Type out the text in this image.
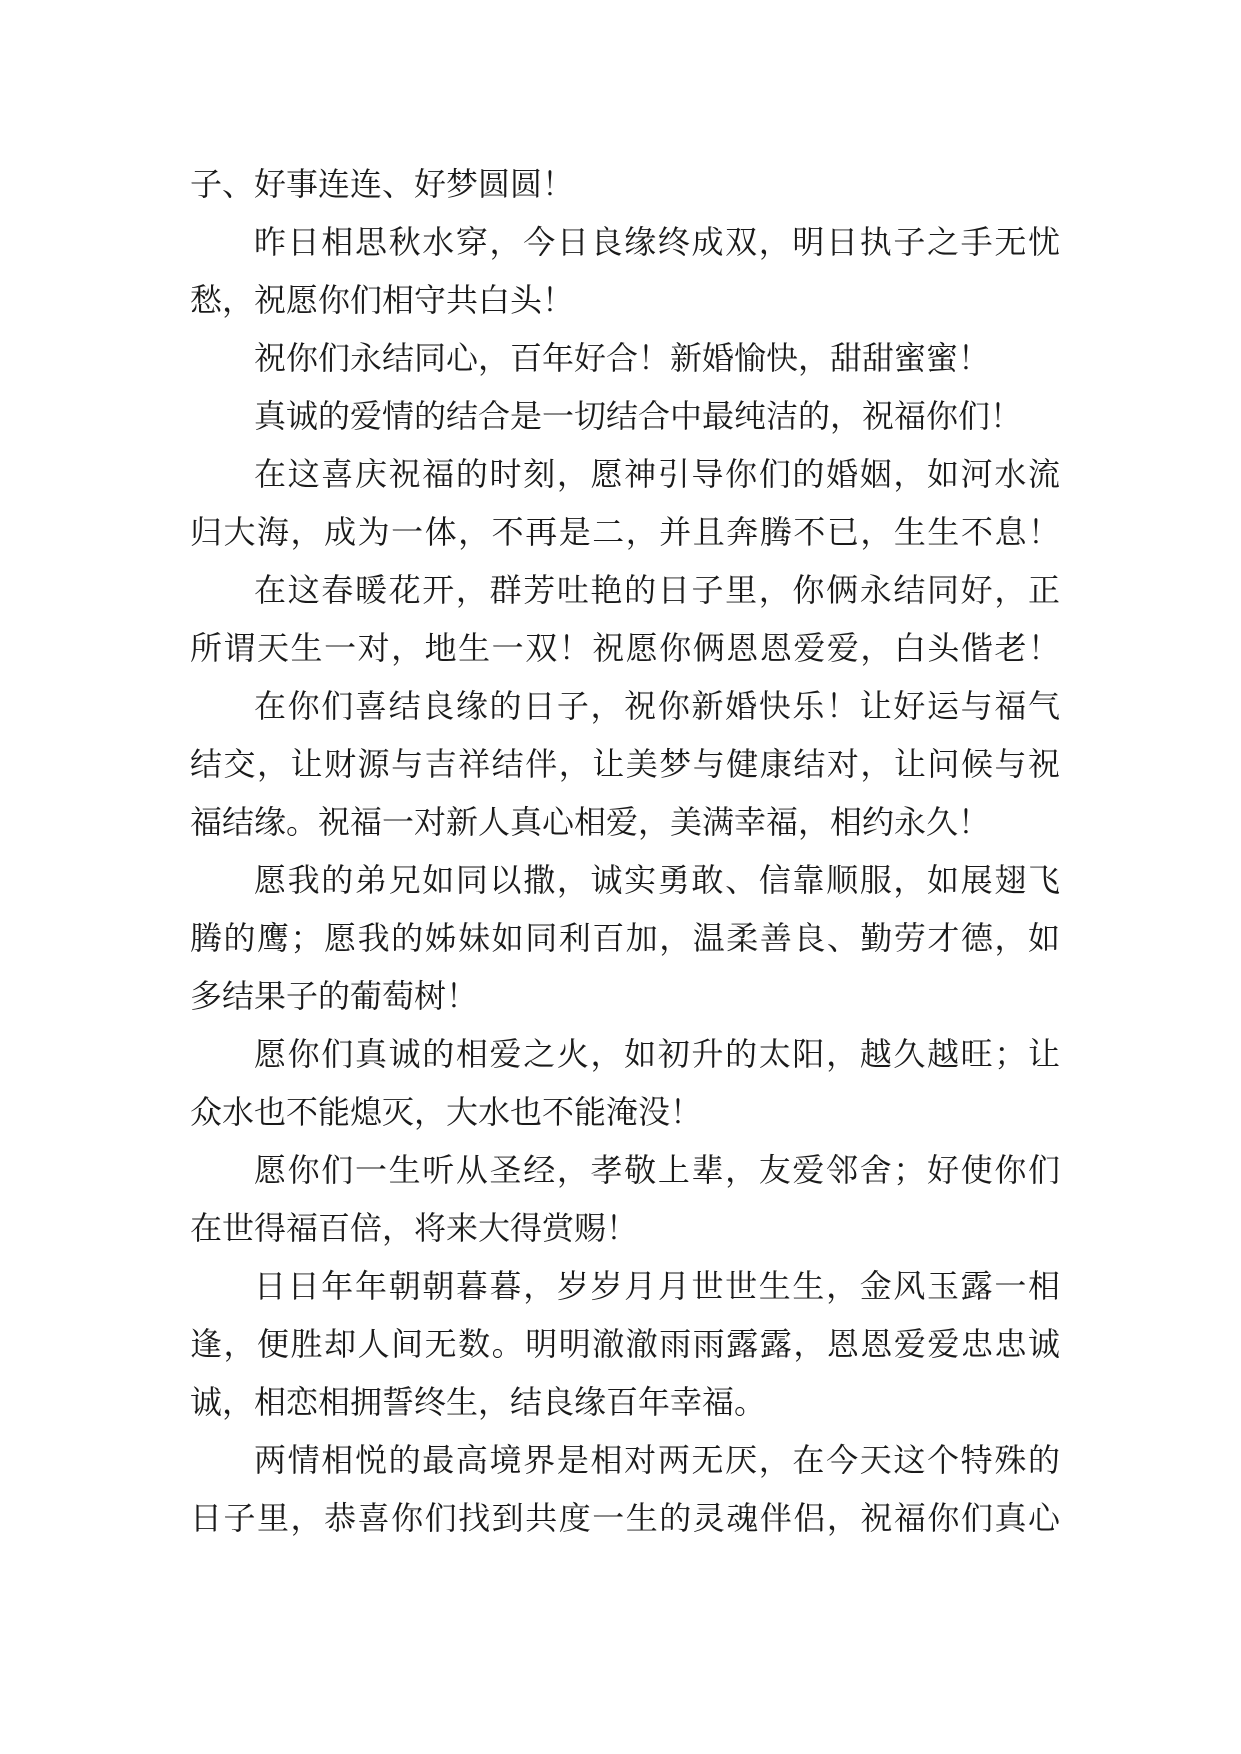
子、好事连连、好梦圆圆！

昨日相思秋水穿，今日良缘终成双，明日执子之手无忧

愁，祝愿你们相守共白头！

祝你们永结同心，百年好合！新婚愉快，甜甜蜜蜜！

真诚的爱情的结合是一切结合中最纯洁的，祝福你们！

在这喜庆祝福的时刻，愿神引导你们的婚姻，如河水流

归大海，成为一体，不再是二，并且奔腾不已，生生不息！

在这春暖花开，群芳吐艳的日子里，你俩永结同好，正

所谓天生一对，地生一双！祝愿你俩恩恩爱爱，白头偕老！

在你们喜结良缘的日子，祝你新婚快乐！让好运与福气

结交，让财源与吉祥结伴，让美梦与健康结对，让问候与祝

福结缘。祝福一对新人真心相爱，美满幸福，相约永久！

愿我的弟兄如同以撒，诚实勇敢、信靠顺服，如展翅飞

腾的鹰；愿我的姊妹如同利百加，温柔善良、勤劳才德，如

多结果子的葡萄树！

愿你们真诚的相爱之火，如初升的太阳，越久越旺；让

众水也不能熄灭，大水也不能淹没！

愿你们一生听从圣经，孝敬上辈，友爱邻舍；好使你们

在世得福百倍，将来大得赏赐！

日日年年朝朝暮暮，岁岁月月世世生生，金风玉露一相

逢，便胜却人间无数。明明澈澈雨雨露露，恩恩爱爱忠忠诚

诚，相恋相拥誓终生，结良缘百年幸福。

两情相悦的最高境界是相对两无厌，在今天这个特殊的

日子里，恭喜你们找到共度一生的灵魂伴侣，祝福你们真心
